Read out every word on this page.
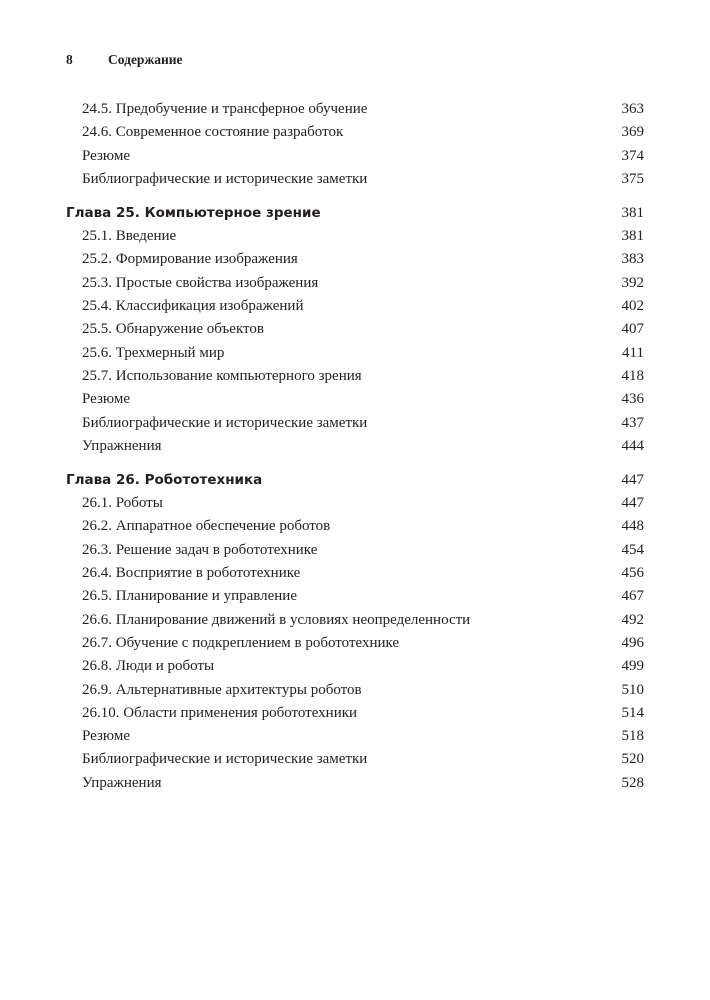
8	Содержание
24.5. Предобучение и трансферное обучение	363
24.6. Современное состояние разработок	369
Резюме	374
Библиографические и исторические заметки	375
Глава 25. Компьютерное зрение	381
25.1. Введение	381
25.2. Формирование изображения	383
25.3. Простые свойства изображения	392
25.4. Классификация изображений	402
25.5. Обнаружение объектов	407
25.6. Трехмерный мир	411
25.7. Использование компьютерного зрения	418
Резюме	436
Библиографические и исторические заметки	437
Упражнения	444
Глава 26. Робототехника	447
26.1. Роботы	447
26.2. Аппаратное обеспечение роботов	448
26.3. Решение задач в робототехнике	454
26.4. Восприятие в робототехнике	456
26.5. Планирование и управление	467
26.6. Планирование движений в условиях неопределенности	492
26.7. Обучение с подкреплением в робототехнике	496
26.8. Люди и роботы	499
26.9. Альтернативные архитектуры роботов	510
26.10. Области применения робототехники	514
Резюме	518
Библиографические и исторические заметки	520
Упражнения	528
